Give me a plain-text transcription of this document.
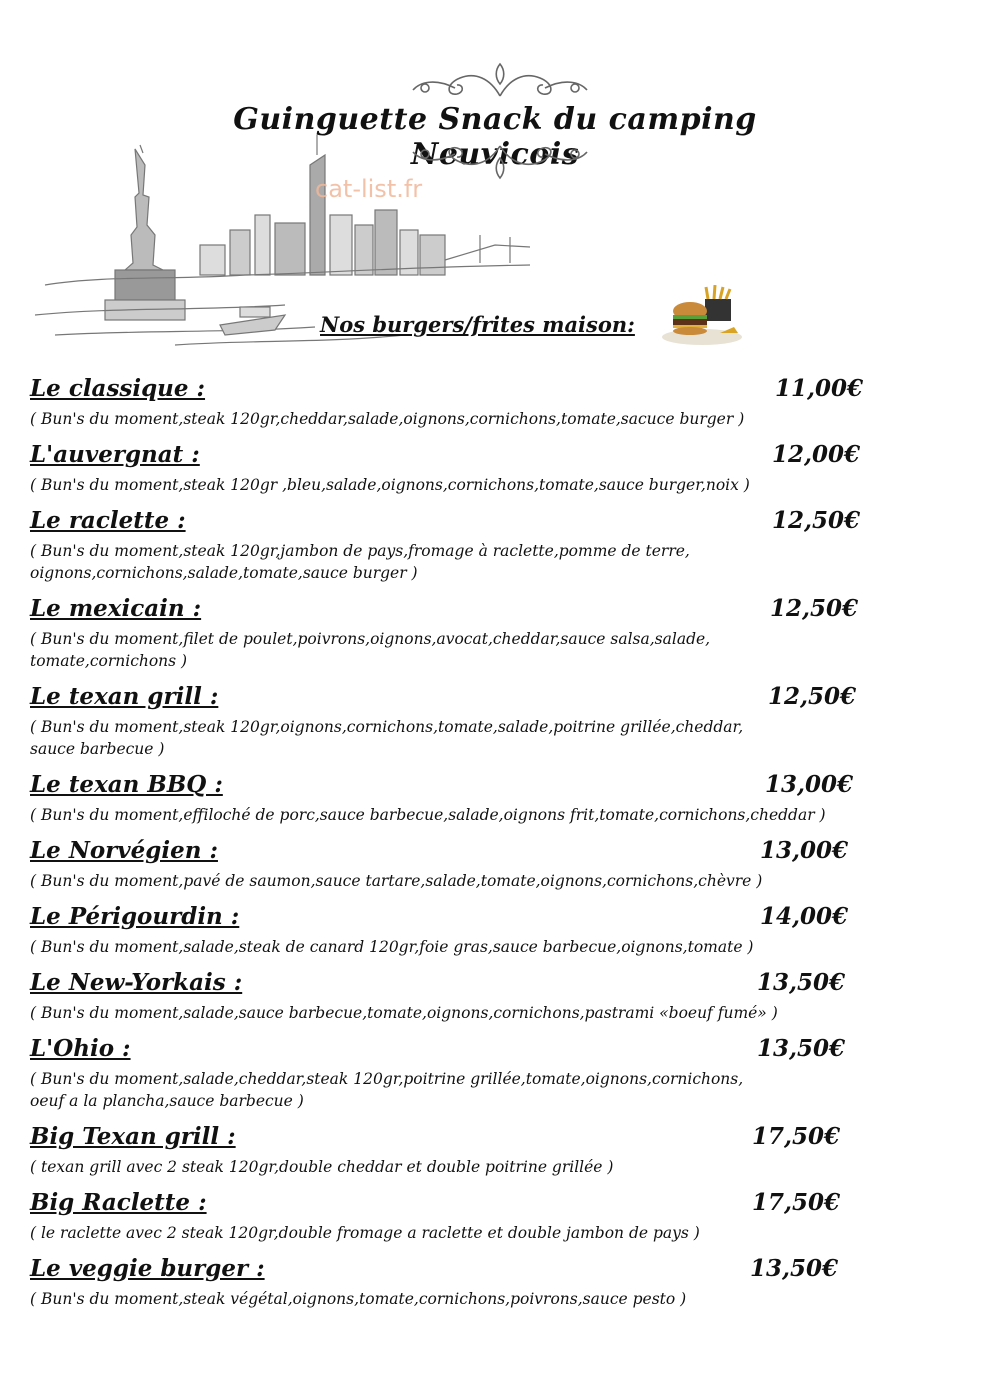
Guinguette Snack du camping Neuvicois
cat-list.fr
Nos burgers/frites maison:
Le classique :	11,00€
( Bun's du moment,steak 120gr,cheddar,salade,oignons,cornichons,tomate,sacuce burger )
L'auvergnat :	12,00€
( Bun's du moment,steak 120gr ,bleu,salade,oignons,cornichons,tomate,sauce burger,noix )
Le raclette :	12,50€
( Bun's du moment,steak 120gr,jambon de pays,fromage à raclette,pomme de terre,
oignons,cornichons,salade,tomate,sauce burger )
Le mexicain :	12,50€
( Bun's du moment,filet de poulet,poivrons,oignons,avocat,cheddar,sauce salsa,salade,
tomate,cornichons )
Le texan grill :	12,50€
( Bun's du moment,steak 120gr,oignons,cornichons,tomate,salade,poitrine grillée,cheddar,
sauce barbecue )
Le texan BBQ :	13,00€
( Bun's du moment,effiloché de porc,sauce barbecue,salade,oignons frit,tomate,cornichons,cheddar )
Le Norvégien :	13,00€
( Bun's du moment,pavé de saumon,sauce tartare,salade,tomate,oignons,cornichons,chèvre )
Le Périgourdin :	14,00€
( Bun's du moment,salade,steak de canard 120gr,foie gras,sauce barbecue,oignons,tomate )
Le New-Yorkais :	13,50€
( Bun's du moment,salade,sauce barbecue,tomate,oignons,cornichons,pastrami «boeuf fumé» )
L'Ohio :	13,50€
( Bun's du moment,salade,cheddar,steak 120gr,poitrine grillée,tomate,oignons,cornichons,
oeuf a la plancha,sauce barbecue )
Big Texan grill :	17,50€
( texan grill avec 2 steak 120gr,double cheddar et double poitrine grillée )
Big Raclette :	17,50€
( le raclette avec 2 steak 120gr,double fromage a raclette et double jambon de pays )
Le veggie burger :	13,50€
( Bun's du moment,steak végétal,oignons,tomate,cornichons,poivrons,sauce pesto )
